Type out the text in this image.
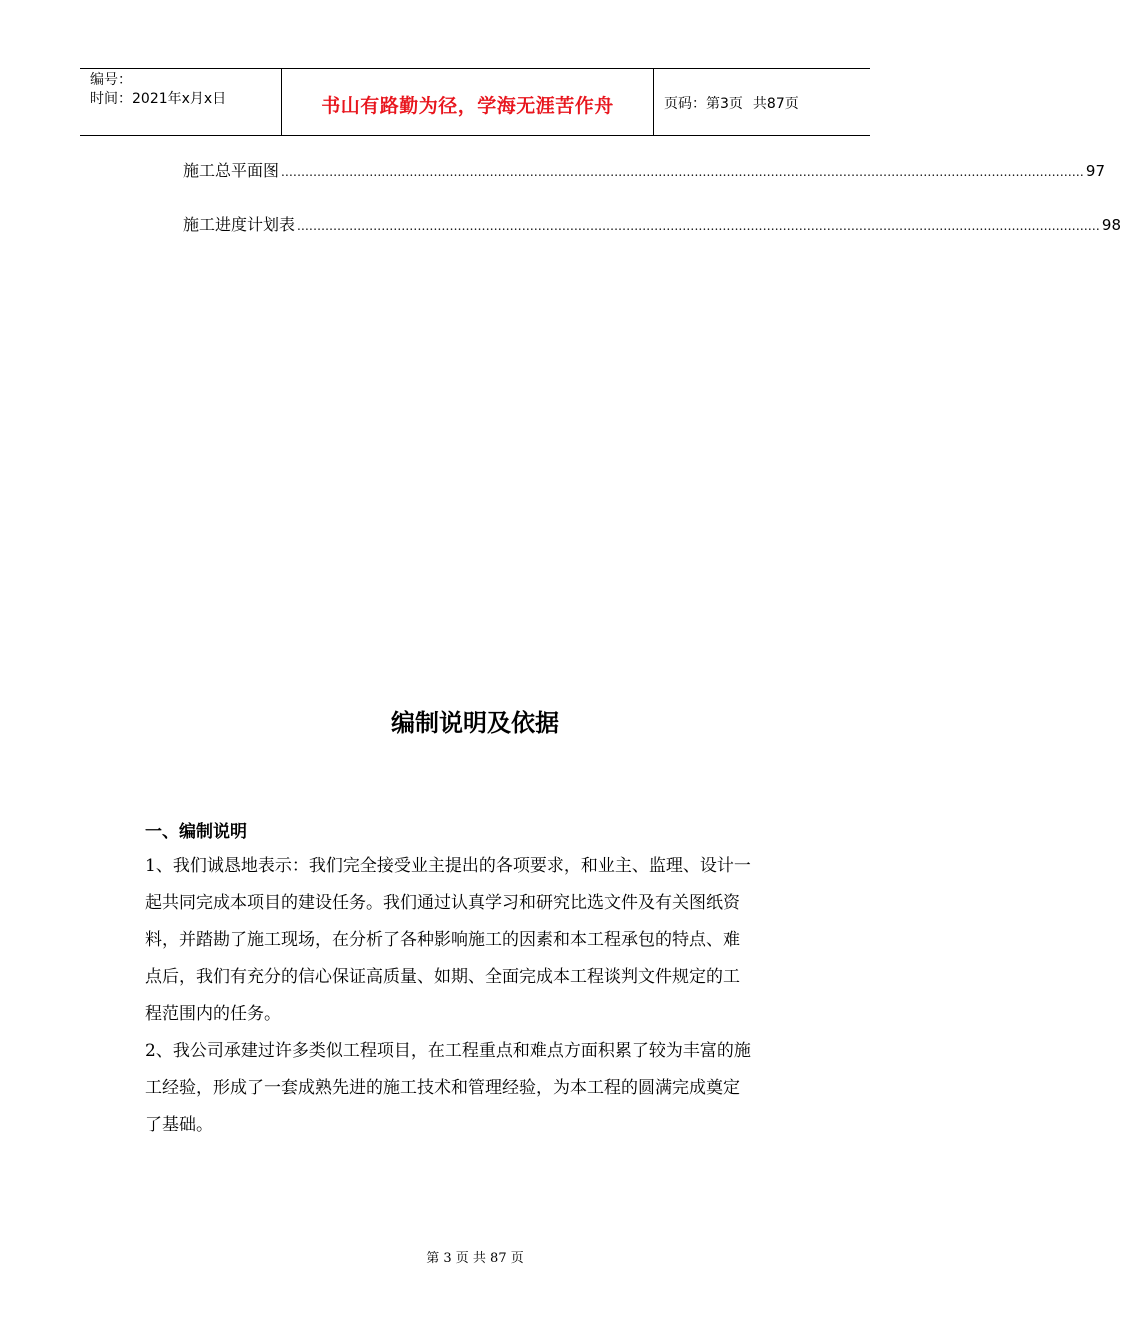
编号：
时间：2021年x月x日	书山有路勤为径，学海无涯苦作舟	页码：第3页 共87页
施工总平面图 ........................................................................................................................................................................................................ 97
施工进度计划表 ........................................................................................................................................................................................................ 98
编制说明及依据
一、编制说明

1、我们诚恳地表示：我们完全接受业主提出的各项要求，和业主、监理、设计一
起共同完成本项目的建设任务。我们通过认真学习和研究比选文件及有关图纸资
料，并踏勘了施工现场，在分析了各种影响施工的因素和本工程承包的特点、难
点后，我们有充分的信心保证高质量、如期、全面完成本工程谈判文件规定的工
程范围内的任务。

2、我公司承建过许多类似工程项目，在工程重点和难点方面积累了较为丰富的施
工经验，形成了一套成熟先进的施工技术和管理经验，为本工程的圆满完成奠定
了基础。

第 3 页 共 87 页
